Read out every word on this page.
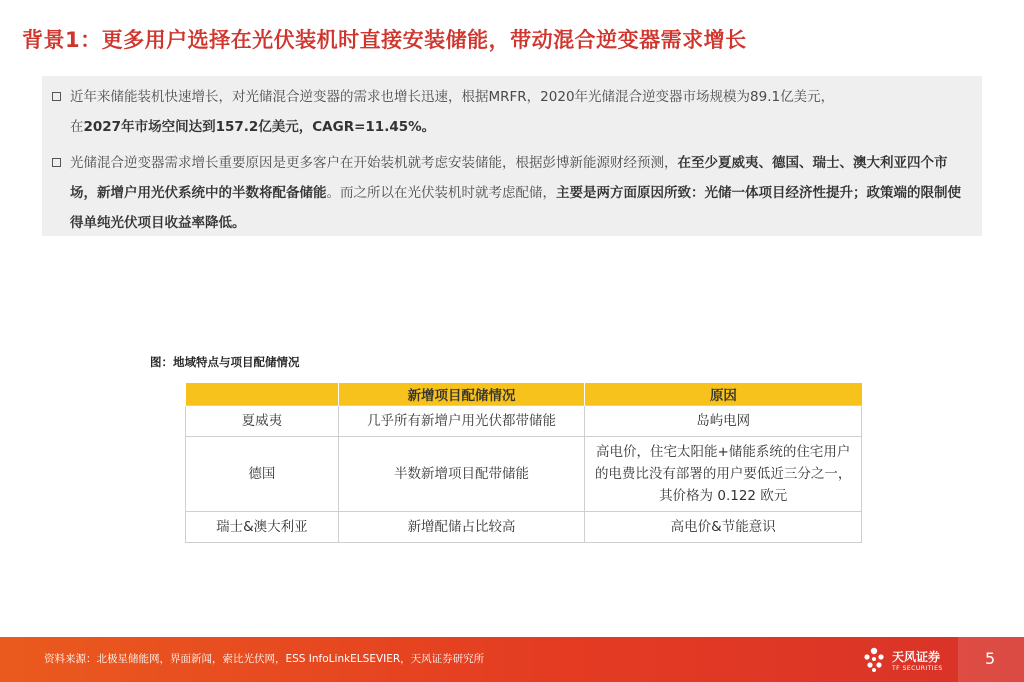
背景1：更多用户选择在光伏装机时直接安装储能，带动混合逆变器需求增长
近年来储能装机快速增长，对光储混合逆变器的需求也增长迅速，根据MRFR，2020年光储混合逆变器市场规模为89.1亿美元，
在2027年市场空间达到157.2亿美元，CAGR=11.45%。
光储混合逆变器需求增长重要原因是更多客户在开始装机就考虑安装储能，根据彭博新能源财经预测，在至少夏威夷、德国、瑞士、澳大利亚四个市场，新增户用光伏系统中的半数将配备储能。而之所以在光伏装机时就考虑配储，主要是两方面原因所致：光储一体项目经济性提升；政策端的限制使得单纯光伏项目收益率降低。
图：地域特点与项目配储情况
	新增项目配储情况	原因
夏威夷	几乎所有新增户用光伏都带储能	岛屿电网
德国	半数新增项目配带储能	高电价，住宅太阳能+储能系统的住宅用户的电费比没有部署的用户要低近三分之一，其价格为 0.122 欧元
瑞士&澳大利亚	新增配储占比较高	高电价&节能意识
资料来源：北极星储能网，界面新闻，索比光伏网，ESS InfoLinkELSEVIER，天风证券研究所	天风证券
TF SECURITIES
5
